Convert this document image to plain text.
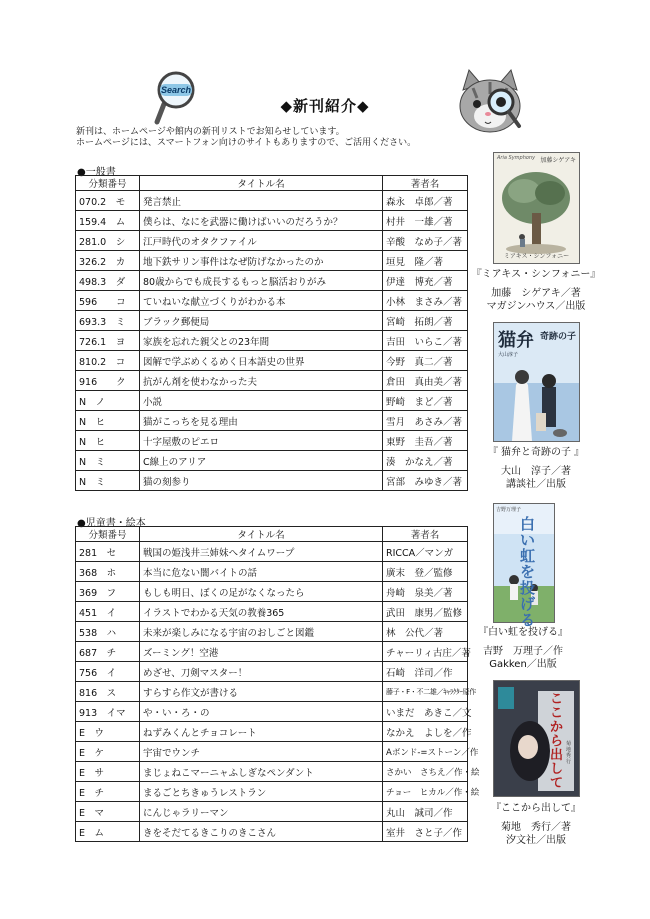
Search
◆新刊紹介◆
新刊は、ホームページや館内の新刊リストでお知らせしています。
ホームページには、スマートフォン向けのサイトもありますので、ご活用ください。
●一般書
分類番号	タイトル名	著者名
070.2　モ	発言禁止	森永　卓郎／著
159.4　ム	僕らは、なにを武器に働けばいいのだろうか？	村井　一雄／著
281.0　シ	江戸時代のオタクファイル	辛酸　なめ子／著
326.2　カ	地下鉄サリン事件はなぜ防げなかったのか	垣見　隆／著
498.3　ダ	80歳からでも成長するもっと脳活おりがみ	伊達　博充／著
596　　コ	ていねいな献立づくりがわかる本	小林　まさみ／著
693.3　ミ	ブラック郵便局	宮崎　拓朗／著
726.1　ヨ	家族を忘れた親父との23年間	吉田　いらこ／著
810.2　コ	図解で学ぶめくるめく日本語史の世界	今野　真二／著
916　　ク	抗がん剤を使わなかった夫	倉田　真由美／著
N　ノ	小説	野崎　まど／著
N　ヒ	猫がこっちを見る理由	雪月　あさみ／著
N　ヒ	十字屋敷のピエロ	東野　圭吾／著
N　ミ	C線上のアリア	湊　かなえ／著
N　ミ	猫の刻参り	宮部　みゆき／著
●児童書・絵本
分類番号	タイトル名	著者名
281　セ	戦国の姫浅井三姉妹へタイムワープ	RICCA／マンガ
368　ホ	本当に危ない闇バイトの話	廣末　登／監修
369　フ	もしも明日、ぼくの足がなくなったら	舟崎　泉美／著
451　イ	イラストでわかる天気の教養365	武田　康男／監修
538　ハ	未来が楽しみになる宇宙のおしごと図鑑	林　公代／著
687　チ	ズーミング！空港	チャーリィ古庄／著
756　イ	めざせ、刀剣マスター！	石崎　洋司／作
816　ス	すらすら作文が書ける	藤子・F・不二雄／ｷｬﾗｸﾀｰ原作
913　イマ	や・い・ろ・の	いまだ　あきこ／文
E　ウ	ねずみくんとチョコレート	なかえ　よしを／作
E　ケ	宇宙でウンチ	Aボンド-=ストーン／作
E　サ	まじょねこマーニャふしぎなペンダント	さかい　さちえ／作・絵
E　チ	まるごとちきゅうレストラン	チョー　ヒカル／作・絵
E　マ	にんじゃラリーマン	丸山　誠司／作
E　ム	きをそだてるきこりのきこさん	室井　さと子／作
Aria Symphony 加藤シゲアキ
ミアキス・シンフォニー
『ミアキス・シンフォニー』
加藤　シゲアキ／著
マガジンハウス／出版
猫弁 奇跡の子
大山淳子
『 猫弁と奇跡の子 』
大山　淳子／著
講談社／出版
吉野万理子
白い虹を投げる
『白い虹を投げる』
吉野　万理子／作
Gakken／出版
ここから出して
菊地秀行
『ここから出して』
菊地　秀行／著
汐文社／出版
